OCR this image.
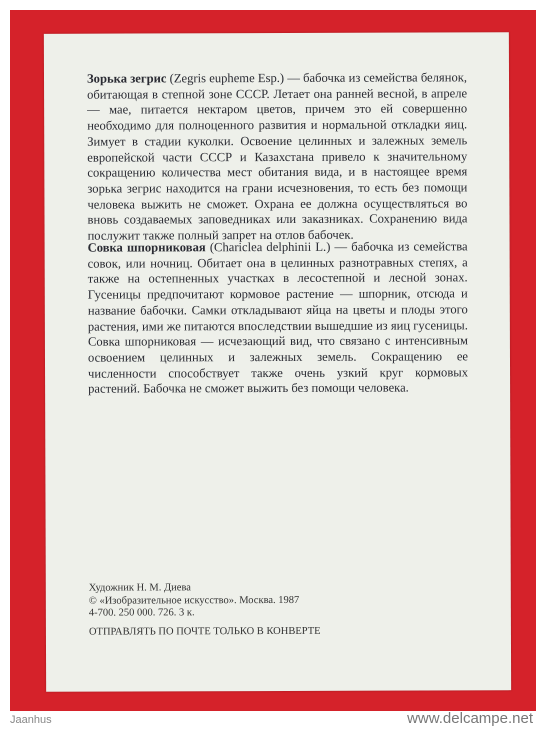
Зорька зегрис (Zegris eupheme Esp.) — бабочка из семейства белянок, обитающая в степной зоне СССР. Летает она ранней весной, в апреле — мае, питается нектаром цветов, причем это ей совершенно необходимо для полноценного развития и нормальной откладки яиц. Зимует в стадии куколки. Освоение целинных и залежных земель европейской части СССР и Казахстана привело к значительному сокращению количества мест обитания вида, и в настоящее время зорька зегрис находится на грани исчезновения, то есть без помощи человека выжить не сможет. Охрана ее должна осуществляться во вновь создаваемых заповедниках или заказниках. Сохранению вида послужит также полный запрет на отлов бабочек.

Совка шпорниковая (Chariclea delphinii L.) — бабочка из семейства совок, или ночниц. Обитает она в целинных разнотравных степях, а также на остепненных участках в лесостепной и лесной зонах. Гусеницы предпочитают кормовое растение — шпорник, отсюда и название бабочки. Самки откладывают яйца на цветы и плоды этого растения, ими же питаются впоследствии вышедшие из яиц гусеницы. Совка шпорниковая — исчезающий вид, что связано с интенсивным освоением целинных и залежных земель. Сокращению ее численности способствует также очень узкий круг кормовых растений. Бабочка не сможет выжить без помощи человека.

Художник Н. М. Диева
© «Изобразительное искусство». Москва. 1987
4-700. 250 000. 726. 3 к.
ОТПРАВЛЯТЬ ПО ПОЧТЕ ТОЛЬКО В КОНВЕРТЕ
Jaanhus	www.delcampe.net
